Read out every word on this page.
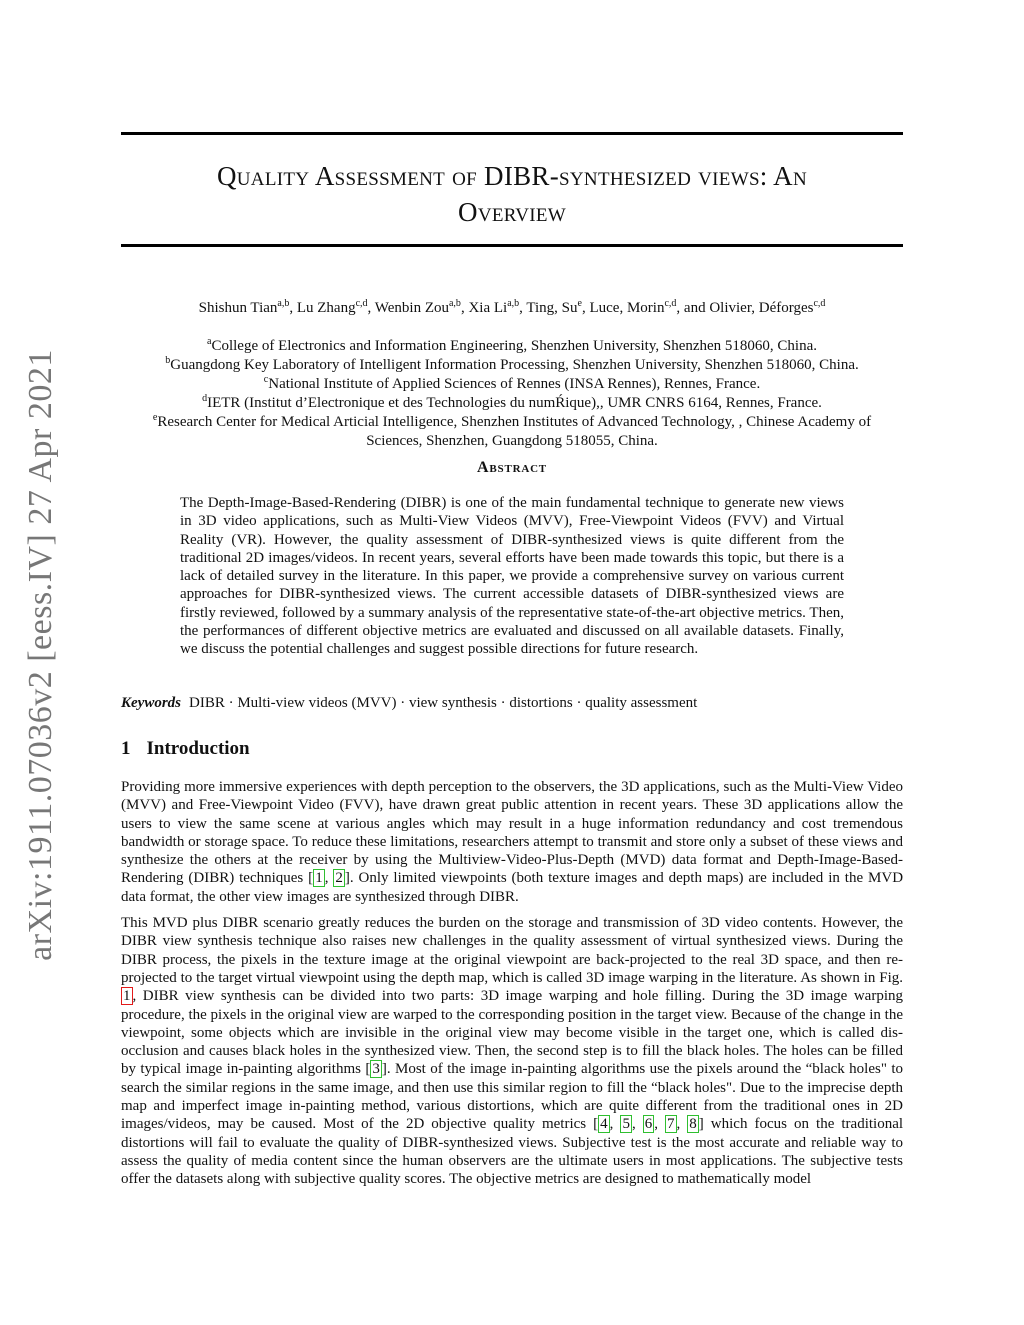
arXiv:1911.07036v2 [eess.IV] 27 Apr 2021
Quality Assessment of DIBR-synthesized views: An
Overview
Shishun Tian$^{a,b}$, Lu Zhang$^{c,d}$, Wenbin Zou$^{a,b}$, Xia Li$^{a,b}$, Ting, Su$^e$, Luce, Morin$^{c,d}$, and Olivier, Déforges$^{c,d}$
$^a$College of Electronics and Information Engineering, Shenzhen University, Shenzhen 518060, China.
$^b$Guangdong Key Laboratory of Intelligent Information Processing, Shenzhen University, Shenzhen 518060, China.
$^c$National Institute of Applied Sciences of Rennes (INSA Rennes), Rennes, France.
$^d$IETR (Institut d’Electronique et des Technologies du numŔique),, UMR CNRS 6164, Rennes, France.
$^e$Research Center for Medical Articial Intelligence, Shenzhen Institutes of Advanced Technology, , Chinese Academy of Sciences, Shenzhen, Guangdong 518055, China.
Abstract
The Depth-Image-Based-Rendering (DIBR) is one of the main fundamental technique to generate new views in 3D video applications, such as Multi-View Videos (MVV), Free-Viewpoint Videos (FVV) and Virtual Reality (VR). However, the quality assessment of DIBR-synthesized views is quite different from the traditional 2D images/videos. In recent years, several efforts have been made towards this topic, but there is a lack of detailed survey in the literature. In this paper, we provide a comprehensive survey on various current approaches for DIBR-synthesized views. The current accessible datasets of DIBR-synthesized views are firstly reviewed, followed by a summary analysis of the representative state-of-the-art objective metrics. Then, the performances of different objective metrics are evaluated and discussed on all available datasets. Finally, we discuss the potential challenges and suggest possible directions for future research.
Keywords DIBR · Multi-view videos (MVV) · view synthesis · distortions · quality assessment
1 Introduction

Providing more immersive experiences with depth perception to the observers, the 3D applications, such as the Multi-View Video (MVV) and Free-Viewpoint Video (FVV), have drawn great public attention in recent years. These 3D applications allow the users to view the same scene at various angles which may result in a huge information redundancy and cost tremendous bandwidth or storage space. To reduce these limitations, researchers attempt to transmit and store only a subset of these views and synthesize the others at the receiver by using the Multiview-Video-Plus-Depth (MVD) data format and Depth-Image-Based-Rendering (DIBR) techniques [ 1 , 2 ]. Only limited viewpoints (both texture images and depth maps) are included in the MVD data format, the other view images are synthesized through DIBR.

This MVD plus DIBR scenario greatly reduces the burden on the storage and transmission of 3D video contents. However, the DIBR view synthesis technique also raises new challenges in the quality assessment of virtual synthesized views. During the DIBR process, the pixels in the texture image at the original viewpoint are back-projected to the real 3D space, and then re-projected to the target virtual viewpoint using the depth map, which is called 3D image warping in the literature. As shown in Fig. 1 , DIBR view synthesis can be divided into two parts: 3D image warping and hole filling. During the 3D image warping procedure, the pixels in the original view are warped to the corresponding position in the target view. Because of the change in the viewpoint, some objects which are invisible in the original view may become visible in the target one, which is called dis-occlusion and causes black holes in the synthesized view. Then, the second step is to fill the black holes. The holes can be filled by typical image in-painting algorithms [ 3 ]. Most of the image in-painting algorithms use the pixels around the “black holes" to search the similar regions in the same image, and then use this similar region to fill the “black holes". Due to the imprecise depth map and imperfect image in-painting method, various distortions, which are quite different from the traditional ones in 2D images/videos, may be caused. Most of the 2D objective quality metrics [ 4 , 5 , 6 , 7 , 8 ] which focus on the traditional distortions will fail to evaluate the quality of DIBR-synthesized views. Subjective test is the most accurate and reliable way to assess the quality of media content since the human observers are the ultimate users in most applications. The subjective tests offer the datasets along with subjective quality scores. The objective metrics are designed to mathematically model
